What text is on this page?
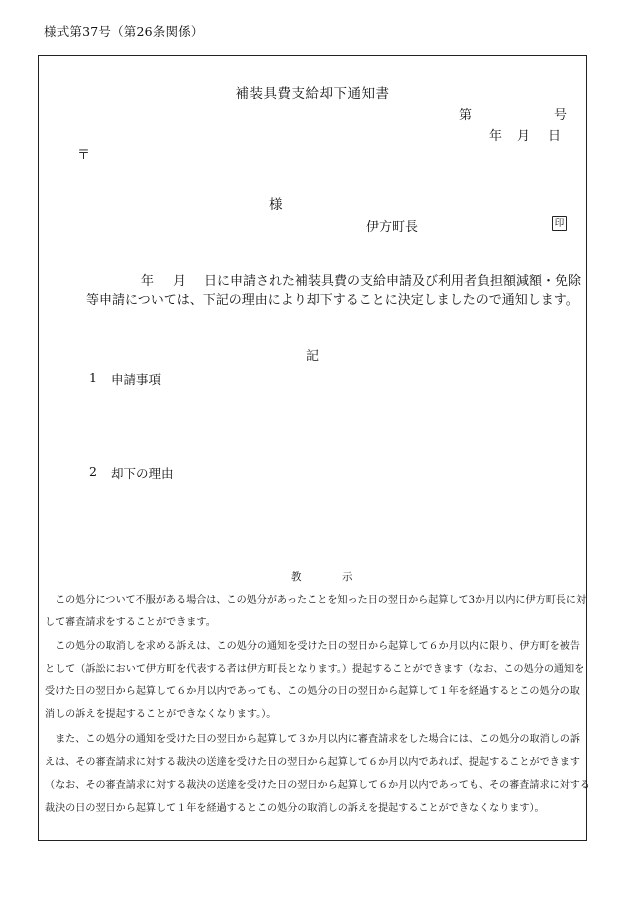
様式第37号（第26条関係）
補装具費支給却下通知書
第	号
年 月 日
〒
様
伊方町長	印
年 月 日に申請された補装具費の支給申請及び利用者負担額減額・免除
等申請については、下記の理由により却下することに決定しましたので通知します。
記
1 申請事項
2 却下の理由
教	示
　この処分について不服がある場合は、この処分があったことを知った日の翌日から起算して3か月以内に伊方町長に対
して審査請求をすることができます。
　この処分の取消しを求める訴えは、この処分の通知を受けた日の翌日から起算して６か月以内に限り、伊方町を被告
として（訴訟において伊方町を代表する者は伊方町長となります。）提起することができます（なお、この処分の通知を
受けた日の翌日から起算して６か月以内であっても、この処分の日の翌日から起算して１年を経過するとこの処分の取
消しの訴えを提起することができなくなります。）。
　また、この処分の通知を受けた日の翌日から起算して３か月以内に審査請求をした場合には、この処分の取消しの訴
えは、その審査請求に対する裁決の送達を受けた日の翌日から起算して６か月以内であれば、提起することができます
（なお、その審査請求に対する裁決の送達を受けた日の翌日から起算して６か月以内であっても、その審査請求に対する
裁決の日の翌日から起算して１年を経過するとこの処分の取消しの訴えを提起することができなくなります）。
